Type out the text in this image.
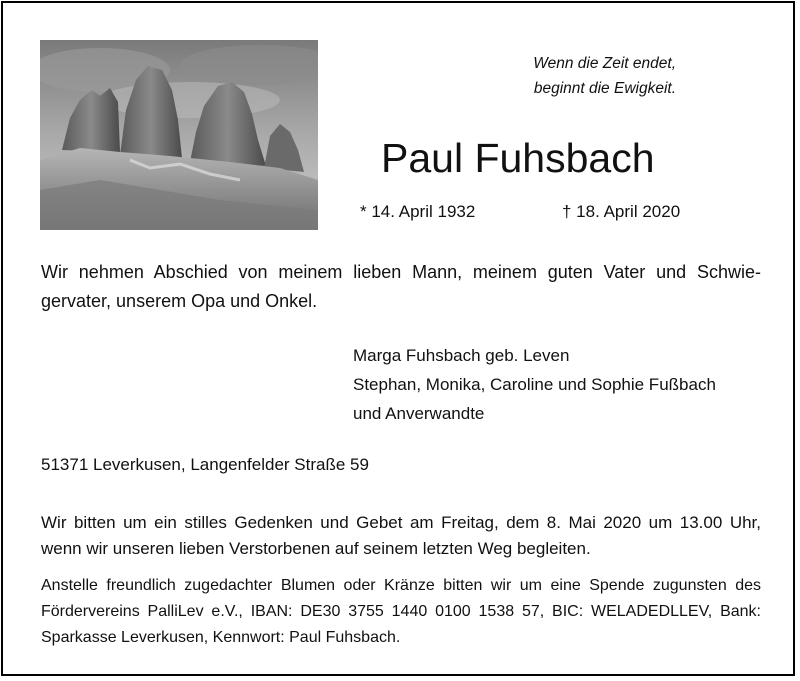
Wenn die Zeit endet,
beginnt die Ewigkeit.
Paul Fuhsbach
* 14. April 1932	† 18. April 2020
Wir nehmen Abschied von meinem lieben Mann, meinem guten Vater und Schwie-
gervater, unserem Opa und Onkel.
Marga Fuhsbach geb. Leven
Stephan, Monika, Caroline und Sophie Fußbach
und Anverwandte
51371 Leverkusen, Langenfelder Straße 59
Wir bitten um ein stilles Gedenken und Gebet am Freitag, dem 8. Mai 2020 um 13.00 Uhr,
wenn wir unseren lieben Verstorbenen auf seinem letzten Weg begleiten.
Anstelle freundlich zugedachter Blumen oder Kränze bitten wir um eine Spende zugunsten des
Fördervereins PalliLev e.V., IBAN: DE30 3755 1440 0100 1538 57, BIC: WELADEDLLEV, Bank:
Sparkasse Leverkusen, Kennwort: Paul Fuhsbach.
